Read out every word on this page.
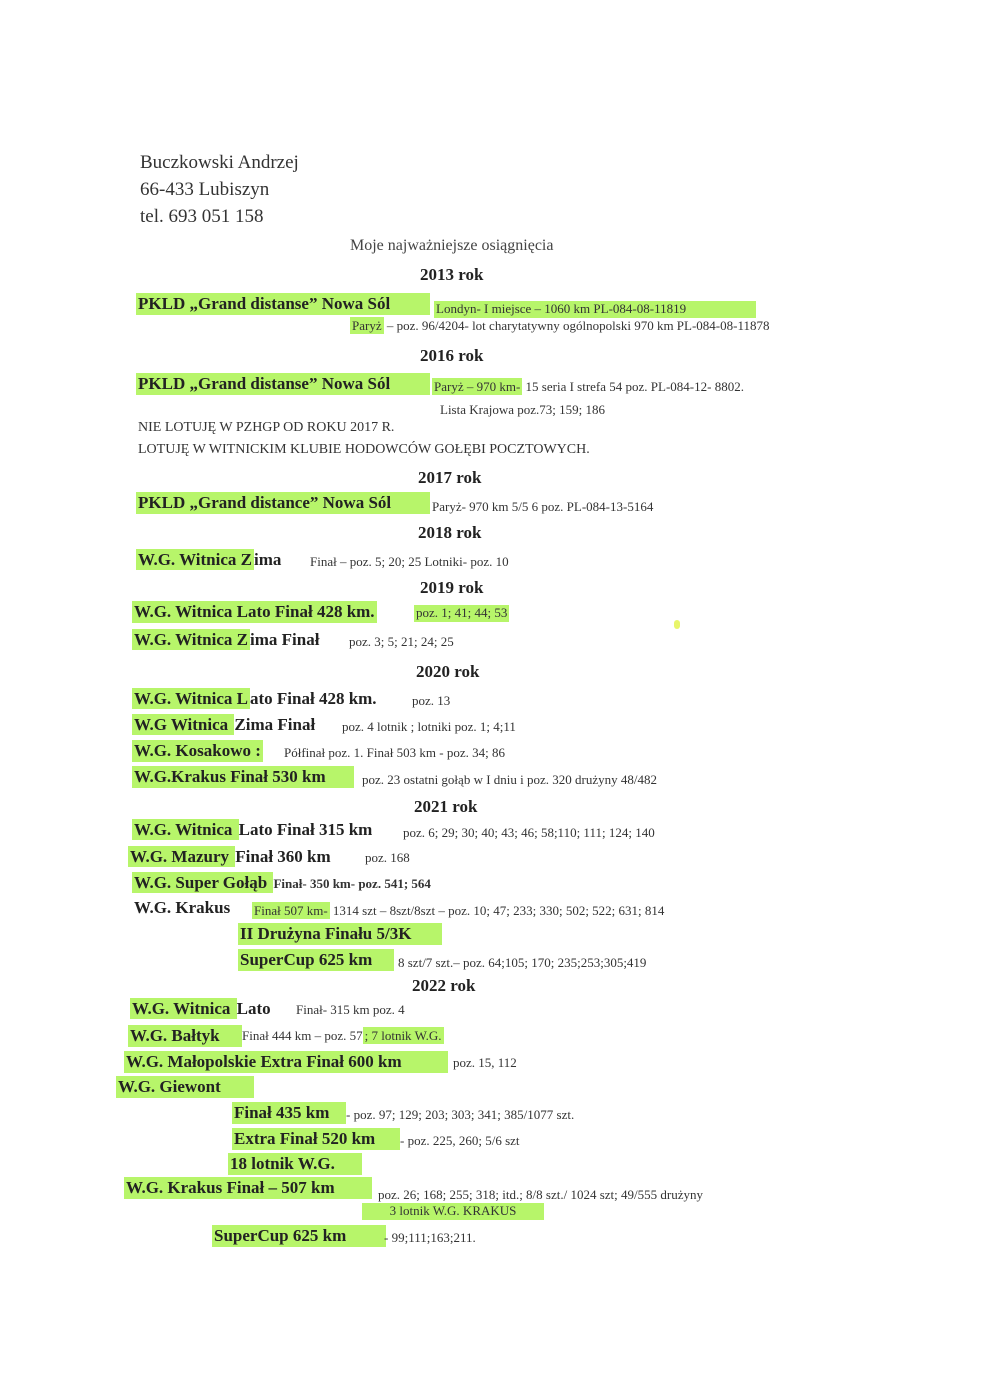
Buczkowski Andrzej
66-433 Lubiszyn
tel. 693 051 158
Moje najważniejsze osiągnięcia
2013 rok
PKLD „Grand distanse” Nowa Sól	Londyn- I miejsce – 1060 km PL-084-08-11819
Paryż – poz. 96/4204- lot charytatywny ogólnopolski 970 km PL-084-08-11878
2016 rok
PKLD „Grand distanse” Nowa Sól	Paryż – 970 km- 15 seria I strefa 54 poz. PL-084-12- 8802.
Lista Krajowa poz.73; 159; 186
NIE LOTUJĘ W PZHGP OD ROKU 2017 R.
LOTUJĘ W WITNICKIM KLUBIE HODOWCÓW GOŁĘBI POCZTOWYCH.
2017 rok
PKLD „Grand distance” Nowa Sól	Paryż- 970 km 5/5 6 poz. PL-084-13-5164
2018 rok
W.G. Witnica Z ima Finał – poz. 5; 20; 25 Lotniki- poz. 10
2019 rok
W.G. Witnica Lato Finał 428 km.	poz. 1; 41; 44; 53
W.G. Witnica Z ima Finał poz. 3; 5; 21; 24; 25
2020 rok
W.G. Witnica L ato Finał 428 km.	poz. 13
W.G Witnica Zima Finał poz. 4 lotnik ; lotniki poz. 1; 4;11
W.G. Kosakowo : Półfinał poz. 1. Finał 503 km - poz. 34; 86
W.G.Krakus Finał 530 km	poz. 23 ostatni gołąb w I dniu i poz. 320 drużyny 48/482
2021 rok
W.G. Witnica Lato Finał 315 km poz. 6; 29; 30; 40; 43; 46; 58;110; 111; 124; 140
W.G. Mazury Finał 360 km	poz. 168
W.G. Super Gołąb Finał- 350 km- poz. 541; 564
W.G. Krakus Finał 507 km- 1314 szt – 8szt/8szt – poz. 10; 47; 233; 330; 502; 522; 631; 814
II Drużyna Finału 5/3K
SuperCup 625 km	8 szt/7 szt.– poz. 64;105; 170; 235;253;305;419
2022 rok
W.G. Witnica Lato Finał- 315 km poz. 4
W.G. Bałtyk	Finał 444 km – poz. 57 ; 7 lotnik W.G.
W.G. Małopolskie Extra Finał 600 km	poz. 15, 112
W.G. Giewont
Finał 435 km	- poz. 97; 129; 203; 303; 341; 385/1077 szt.
Extra Finał 520 km	- poz. 225, 260; 5/6 szt
18 lotnik W.G.
W.G. Krakus Finał – 507 km	poz. 26; 168; 255; 318; itd.; 8/8 szt./ 1024 szt; 49/555 drużyny
3 lotnik W.G. KRAKUS
SuperCup 625 km	- 99;111;163;211.
